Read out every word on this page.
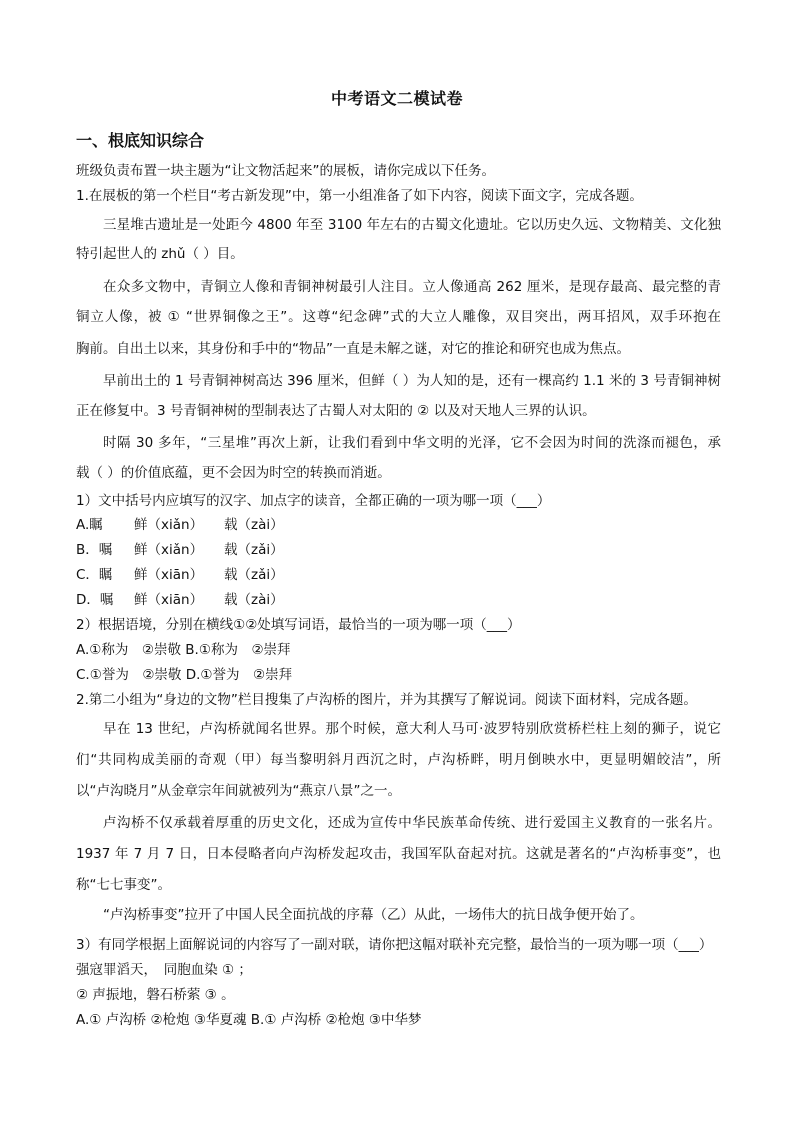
中考语文二模试卷
一、根底知识综合
班级负责布置一块主题为“让文物活起来”的展板，请你完成以下任务。
1.在展板的第一个栏目“考古新发现”中，第一小组准备了如下内容，阅读下面文字，完成各题。
三星堆古遗址是一处距今 4800 年至 3100 年左右的古蜀文化遗址。它以历史久远、文物精美、文化独
特引起世人的 zhǔ（ ）目。
在众多文物中，青铜立人像和青铜神树最引人注目。立人像通高 262 厘米，是现存最高、最完整的青
铜立人像，被 ① “世界铜像之王”。这尊“纪念碑”式的大立人雕像，双目突出，两耳招风，双手环抱在
胸前。自出土以来，其身份和手中的“物品”一直是未解之谜，对它的推论和研究也成为焦点。
早前出土的 1 号青铜神树高达 396 厘米，但鲜（ ）为人知的是，还有一棵高约 1.1 米的 3 号青铜神树
正在修复中。3 号青铜神树的型制表达了古蜀人对太阳的 ② 以及对天地人三界的认识。
时隔 30 多年，“三星堆”再次上新，让我们看到中华文明的光泽，它不会因为时间的洗涤而褪色，承
载（ ）的价值底蕴，更不会因为时空的转换而消逝。
1）文中括号内应填写的汉字、加点字的读音，全都正确的一项为哪一项（___）
A.瞩 鲜（xiǎn） 载（zài）
B．嘱 鲜（xiǎn） 载（zǎi）
C．瞩 鲜（xiān） 载（zǎi）
D．嘱 鲜（xiān） 载（zài）
2）根据语境，分别在横线①②处填写词语，最恰当的一项为哪一项（___）
A.①称为　②崇敬 B.①称为　②崇拜
C.①誉为　②崇敬 D.①誉为　②崇拜
2.第二小组为“身边的文物”栏目搜集了卢沟桥的图片，并为其撰写了解说词。阅读下面材料，完成各题。
早在 13 世纪，卢沟桥就闻名世界。那个时候，意大利人马可·波罗特别欣赏桥栏柱上刻的狮子，说它
们“共同构成美丽的奇观（甲）每当黎明斜月西沉之时，卢沟桥畔，明月倒映水中，更显明媚皎洁”，所
以“卢沟晓月”从金章宗年间就被列为“燕京八景”之一。
卢沟桥不仅承载着厚重的历史文化，还成为宣传中华民族革命传统、进行爱国主义教育的一张名片。
1937 年 7 月 7 日，日本侵略者向卢沟桥发起攻击，我国军队奋起对抗。这就是著名的“卢沟桥事变”，也
称“七七事变”。
“卢沟桥事变”拉开了中国人民全面抗战的序幕（乙）从此，一场伟大的抗日战争便开始了。
3）有同学根据上面解说词的内容写了一副对联，请你把这幅对联补充完整，最恰当的一项为哪一项（___）
强寇罪滔天，　同胞血染 ① ；
② 声振地，磐石桥萦 ③ 。
A.① 卢沟桥 ②枪炮 ③华夏魂 B.① 卢沟桥 ②枪炮 ③中华梦
